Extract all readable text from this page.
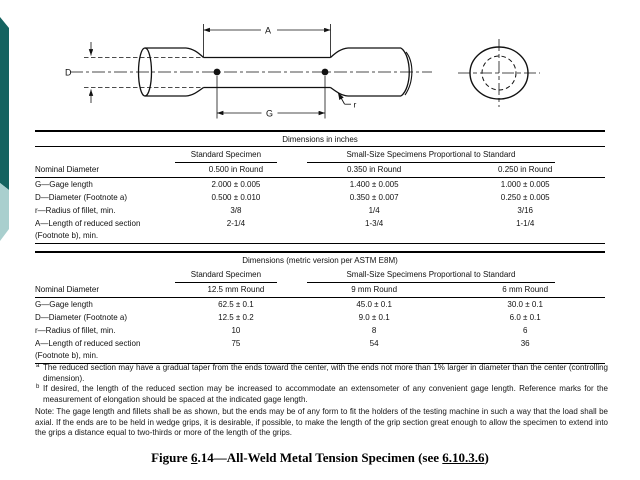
A
G
D
r
Dimensions in inches			

	Standard Specimen	Small-Size Specimens Proportional to Standard	

Nominal Diameter	0.500 in Round	0.350 in Round	0.250 in Round
G—Gage length	2.000 ± 0.005	1.400 ± 0.005	1.000 ± 0.005
D—Diameter (Footnote a)	0.500 ± 0.010	0.350 ± 0.007	0.250 ± 0.005
r—Radius of fillet, min.	3/8	1/4	3/16

A—Length of reduced section
(Footnote b), min.	2-1/4	1-3/4	1-1/4
Dimensions (metric version per ASTM E8M)			

	Standard Specimen	Small-Size Specimens Proportional to Standard	

Nominal Diameter	12.5 mm Round	9 mm Round	6 mm Round
G—Gage length	62.5 ± 0.1	45.0 ± 0.1	30.0 ± 0.1
D—Diameter (Footnote a)	12.5 ± 0.2	9.0 ± 0.1	6.0 ± 0.1
r—Radius of fillet, min.	10	8	6

A—Length of reduced section
(Footnote b), min.	75	54	36
a The reduced section may have a gradual taper from the ends toward the center, with the ends not more than 1% larger in diameter than the center (controlling dimension).
b If desired, the length of the reduced section may be increased to accommodate an extensometer of any convenient gage length. Reference marks for the measurement of elongation should be spaced at the indicated gage length.
Note: The gage length and fillets shall be as shown, but the ends may be of any form to fit the holders of the testing machine in such a way that the load shall be axial. If the ends are to be held in wedge grips, it is desirable, if possible, to make the length of the grip section great enough to allow the specimen to extend into the grips a distance equal to two-thirds or more of the length of the grips.
Figure 6.14—All-Weld Metal Tension Specimen (see 6.10.3.6)
